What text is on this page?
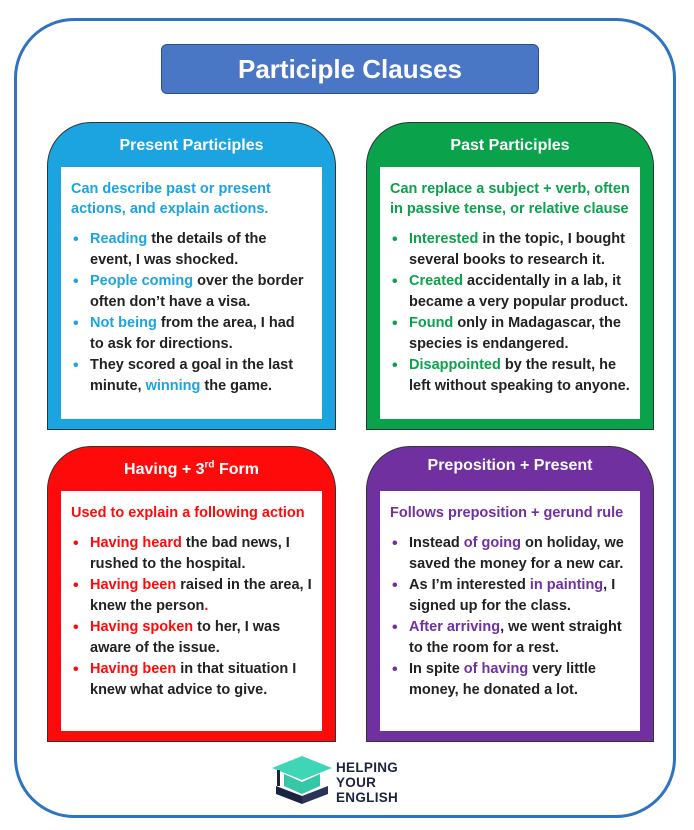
Participle Clauses
Present Participles
Can describe past or present actions, and explain actions.
• Reading the details of the event, I was shocked.
• People coming over the border often don’t have a visa.
• Not being from the area, I had to ask for directions.
• They scored a goal in the last minute, winning the game.
Past Participles
Can replace a subject + verb, often in passive tense, or relative clause
• Interested in the topic, I bought several books to research it.
• Created accidentally in a lab, it became a very popular product.
• Found only in Madagascar, the species is endangered.
• Disappointed by the result, he left without speaking to anyone.
Having + 3rd Form
Used to explain a following action
• Having heard the bad news, I rushed to the hospital.
• Having been raised in the area, I knew the person.
• Having spoken to her, I was aware of the issue.
• Having been in that situation I knew what advice to give.
Preposition + Present
Follows preposition + gerund rule
• Instead of going on holiday, we saved the money for a new car.
• As I’m interested in painting, I signed up for the class.
• After arriving, we went straight to the room for a rest.
• In spite of having very little money, he donated a lot.
HELPING
YOUR
ENGLISH
